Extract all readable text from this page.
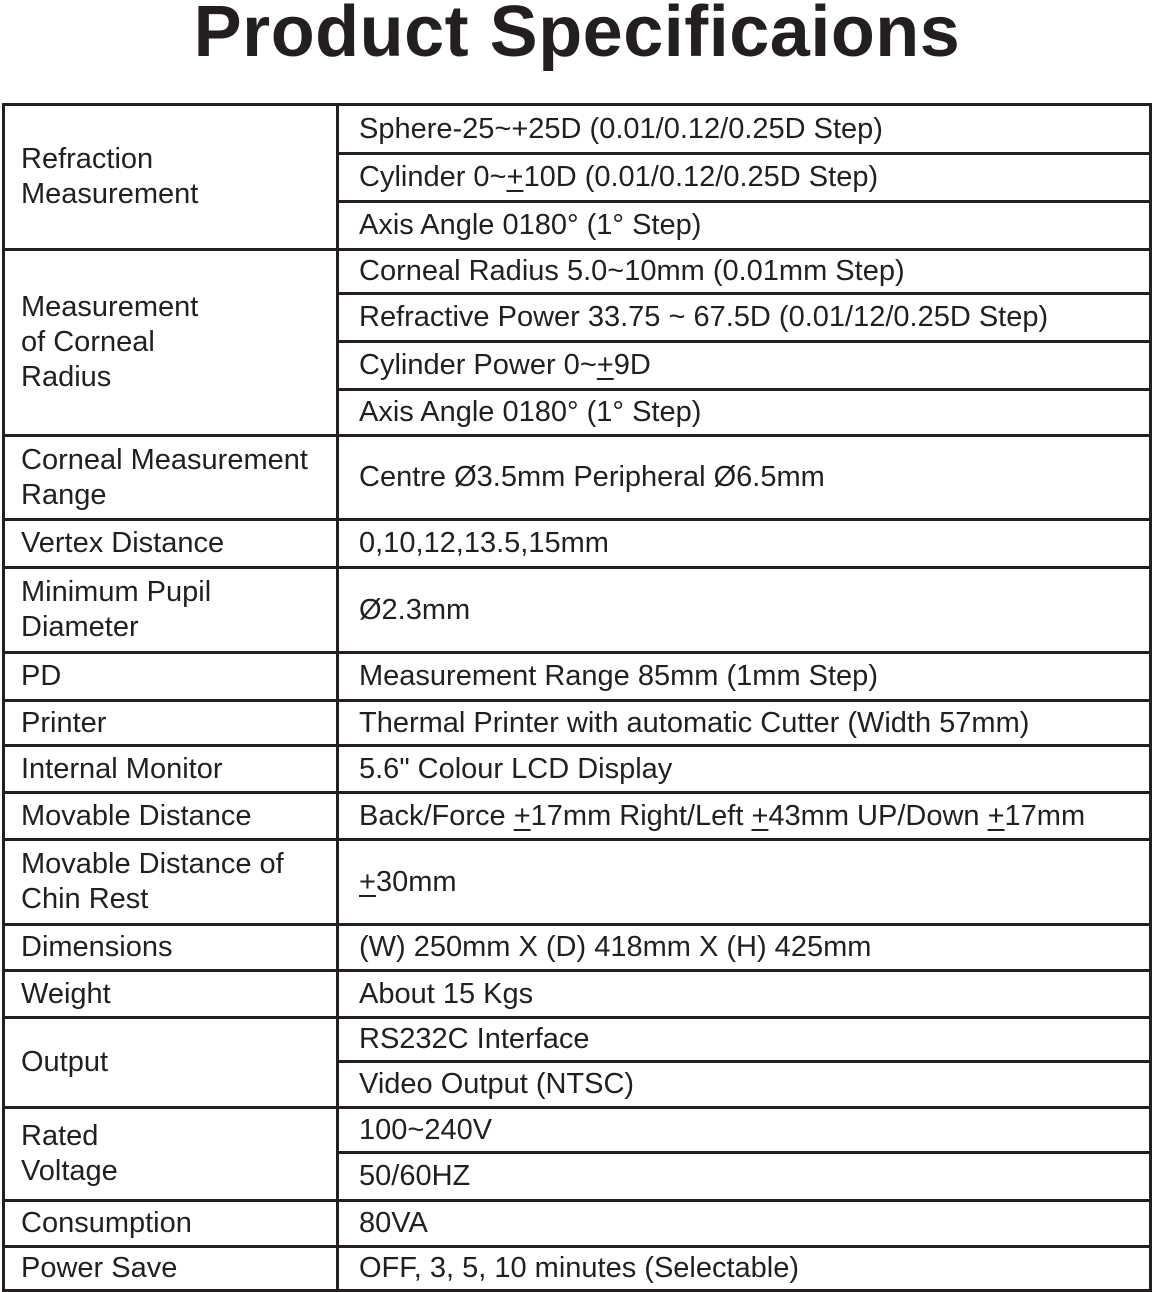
Product Specificaions
Refraction
Measurement	Sphere-25~+25D (0.01/0.12/0.25D Step)
	Cylinder 0~+10D (0.01/0.12/0.25D Step)
	Axis Angle 0180° (1° Step)

Measurement
of Corneal
Radius	Corneal Radius 5.0~10mm (0.01mm Step)
	Refractive Power 33.75 ~ 67.5D (0.01/12/0.25D Step)
	Cylinder Power 0~+9D
	Axis Angle 0180° (1° Step)

Corneal Measurement
Range	Centre Ø3.5mm Peripheral Ø6.5mm

Vertex Distance	0,10,12,13.5,15mm

Minimum Pupil
Diameter	Ø2.3mm

PD	Measurement Range 85mm (1mm Step)

Printer	Thermal Printer with automatic Cutter (Width 57mm)

Internal Monitor	5.6" Colour LCD Display

Movable Distance	Back/Force +17mm Right/Left +43mm UP/Down +17mm

Movable Distance of
Chin Rest	+30mm

Dimensions	(W) 250mm X (D) 418mm X (H) 425mm

Weight	About 15 Kgs

Output	RS232C Interface
	Video Output (NTSC)

Rated
Voltage	100~240V
	50/60HZ

Consumption	80VA

Power Save	OFF, 3, 5, 10 minutes (Selectable)
